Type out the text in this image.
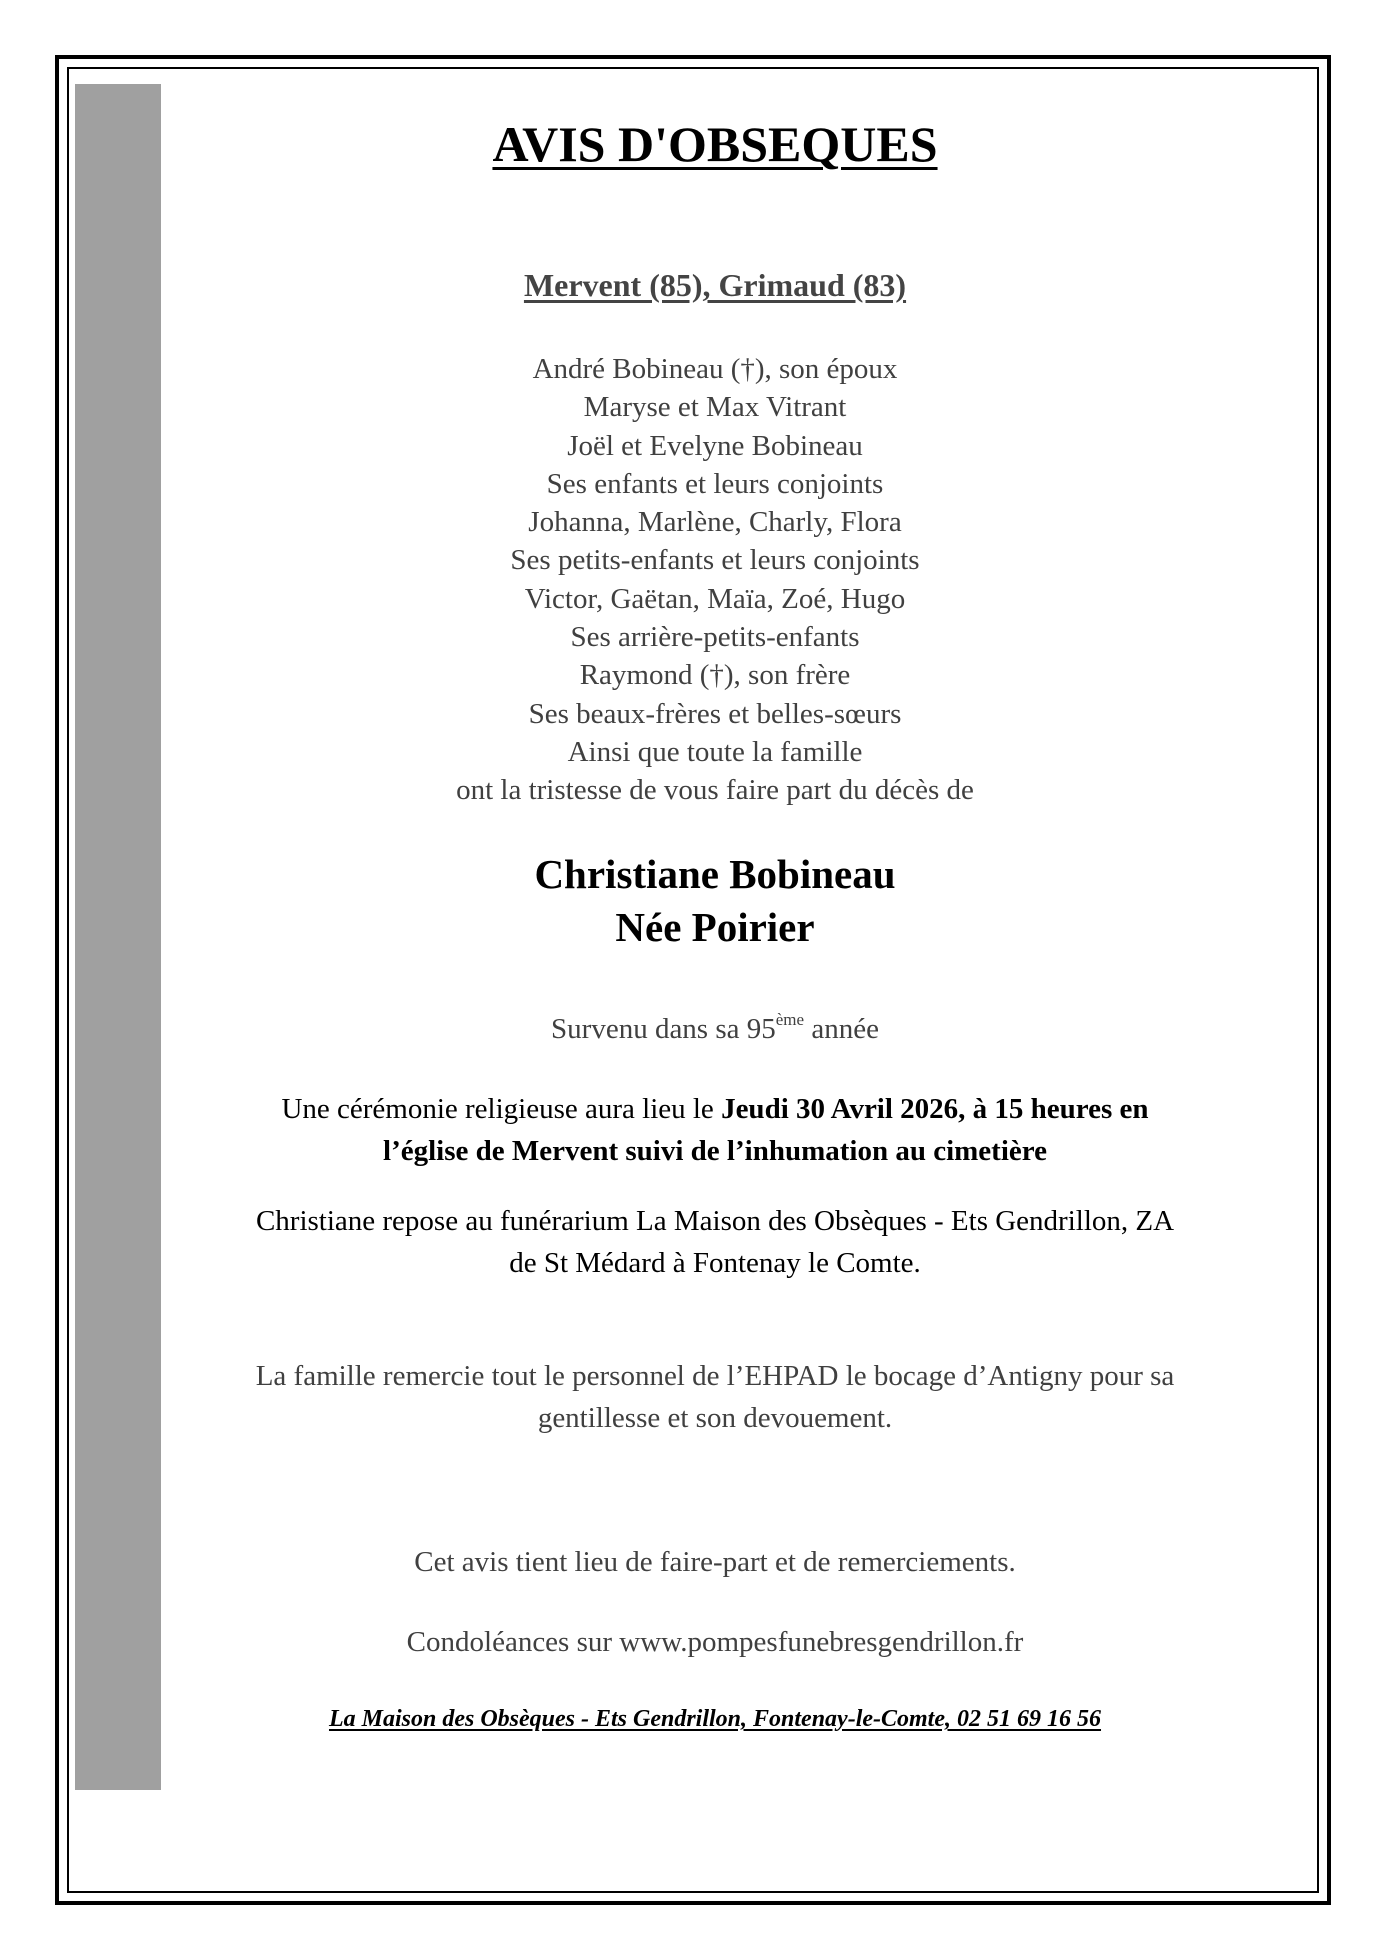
AVIS D'OBSEQUES
Mervent (85), Grimaud (83)
André Bobineau (†), son époux
Maryse et Max Vitrant
Joël et Evelyne Bobineau
Ses enfants et leurs conjoints
Johanna, Marlène, Charly, Flora
Ses petits-enfants et leurs conjoints
Victor, Gaëtan, Maïa, Zoé, Hugo
Ses arrière-petits-enfants
Raymond (†), son frère
Ses beaux-frères et belles-sœurs
Ainsi que toute la famille
ont la tristesse de vous faire part du décès de
Christiane Bobineau
Née Poirier
Survenu dans sa 95ème année
Une cérémonie religieuse aura lieu le Jeudi 30 Avril 2026, à 15 heures en
l’église de Mervent suivi de l’inhumation au cimetière
Christiane repose au funérarium La Maison des Obsèques - Ets Gendrillon, ZA
de St Médard à Fontenay le Comte.
La famille remercie tout le personnel de l’EHPAD le bocage d’Antigny pour sa
gentillesse et son devouement.
Cet avis tient lieu de faire-part et de remerciements.
Condoléances sur www.pompesfunebresgendrillon.fr
La Maison des Obsèques - Ets Gendrillon, Fontenay-le-Comte, 02 51 69 16 56
